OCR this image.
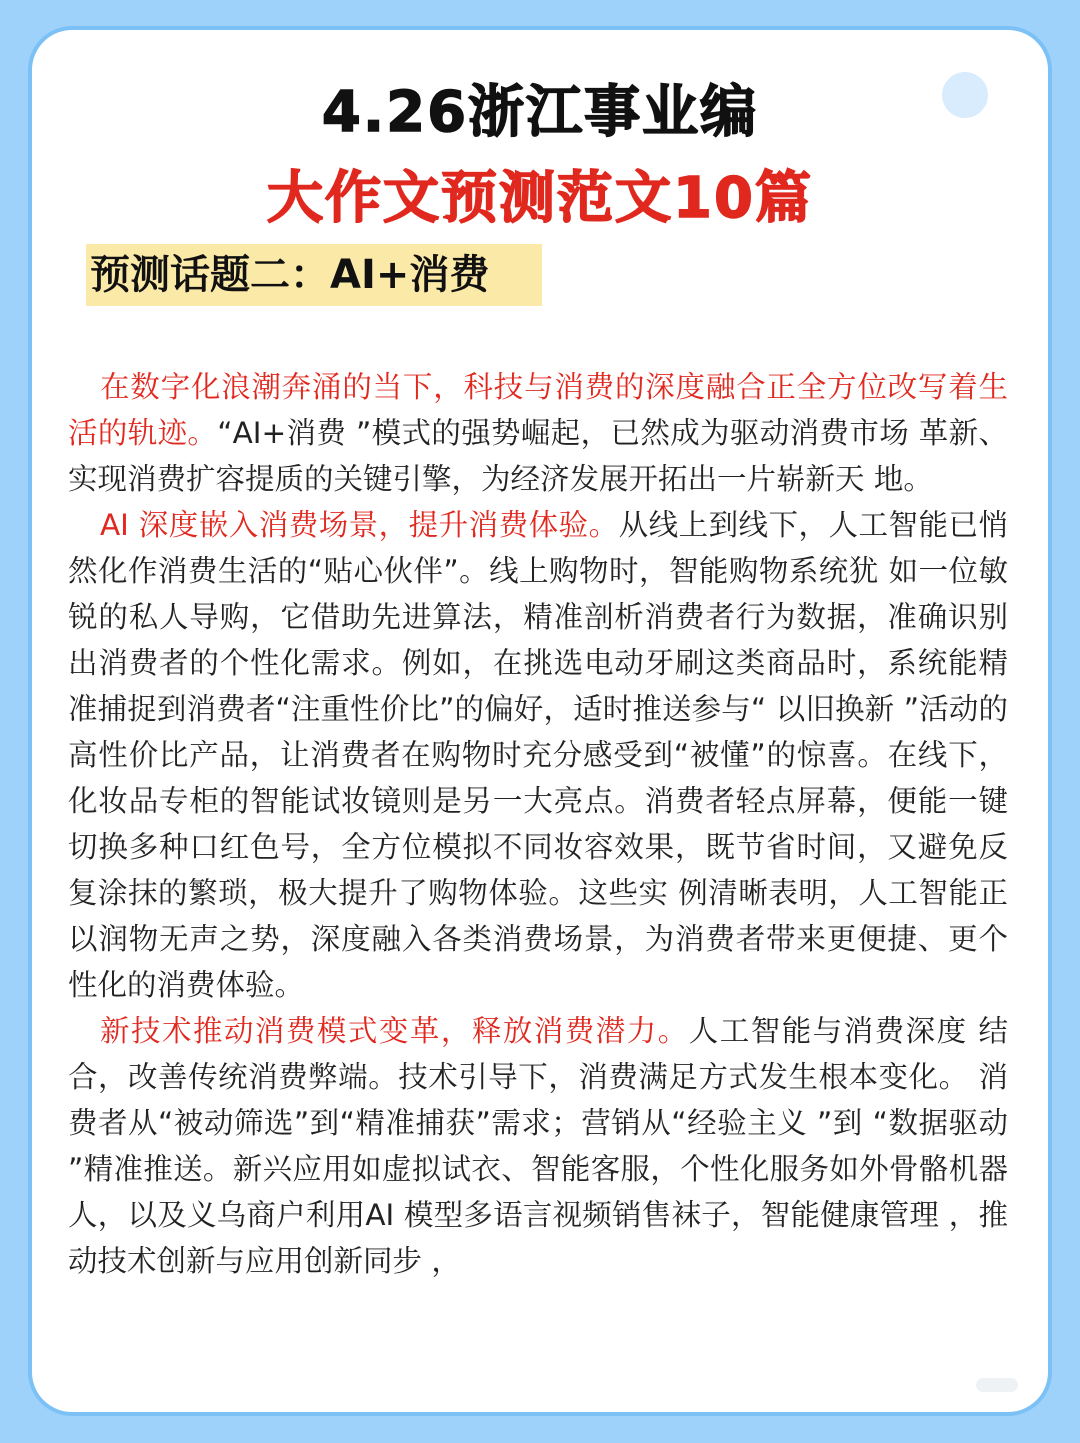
4.26浙江事业编
大作文预测范文10篇
预测话题二：AI+消费

在数字化浪潮奔涌的当下，科技与消费的深度融合正全方位改写着生活的轨迹。“AI+消费 ”模式的强势崛起，已然成为驱动消费市场 革新、实现消费扩容提质的关键引擎，为经济发展开拓出一片崭新天 地。

AI 深度嵌入消费场景，提升消费体验。从线上到线下，人工智能已悄然化作消费生活的“贴心伙伴”。线上购物时，智能购物系统犹 如一位敏锐的私人导购，它借助先进算法，精准剖析消费者行为数据，准确识别出消费者的个性化需求。例如，在挑选电动牙刷这类商品时，系统能精准捕捉到消费者“注重性价比”的偏好，适时推送参与“ 以旧换新 ”活动的高性价比产品，让消费者在购物时充分感受到“被懂”的惊喜。在线下，化妆品专柜的智能试妆镜则是另一大亮点。消费者轻点屏幕，便能一键切换多种口红色号，全方位模拟不同妆容效果，既节省时间，又避免反复涂抹的繁琐，极大提升了购物体验。这些实 例清晰表明，人工智能正以润物无声之势，深度融入各类消费场景，为消费者带来更便捷、更个性化的消费体验。

新技术推动消费模式变革，释放消费潜力。人工智能与消费深度 结合，改善传统消费弊端。技术引导下，消费满足方式发生根本变化。 消费者从“被动筛选”到“精准捕获”需求；营销从“经验主义 ”到 “数据驱动 ”精准推送。新兴应用如虚拟试衣、智能客服，个性化服务如外骨骼机器人，以及义乌商户利用AI 模型多语言视频销售袜子，智能健康管理 ，推动技术创新与应用创新同步 ，
